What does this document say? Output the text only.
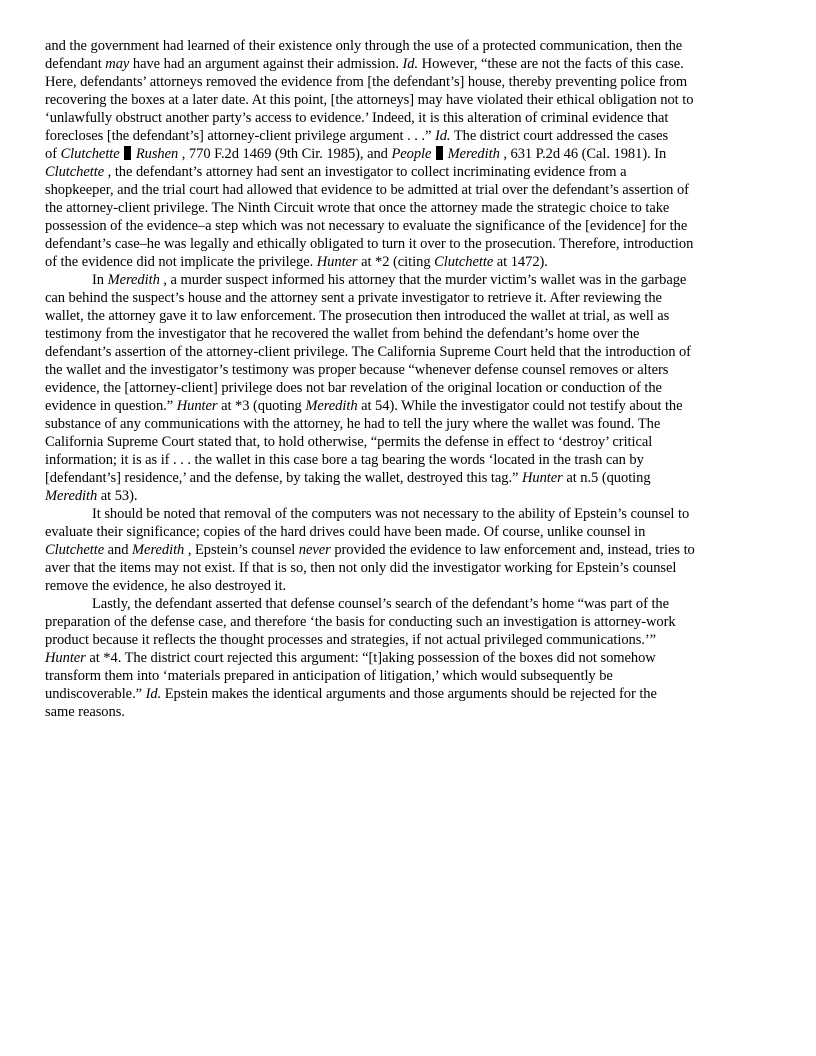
and the government had learned of their existence only through the use of a protected communication, then the
defendant may have had an argument against their admission. Id. However, “these are not the facts of this case.
Here, defendants’ attorneys removed the evidence from [the defendant’s] house, thereby preventing police from
recovering the boxes at a later date. At this point, [the attorneys] may have violated their ethical obligation not to
‘unlawfully obstruct another party’s access to evidence.’ Indeed, it is this alteration of criminal evidence that
forecloses [the defendant’s] attorney-client privilege argument . . .” Id. The district court addressed the cases
of Clutchette Rushen , 770 F.2d 1469 (9th Cir. 1985), and People Meredith , 631 P.2d 46 (Cal. 1981). In
Clutchette , the defendant’s attorney had sent an investigator to collect incriminating evidence from a
shopkeeper, and the trial court had allowed that evidence to be admitted at trial over the defendant’s assertion of
the attorney-client privilege. The Ninth Circuit wrote that once the attorney made the strategic choice to take
possession of the evidence–a step which was not necessary to evaluate the significance of the [evidence] for the
defendant’s case–he was legally and ethically obligated to turn it over to the prosecution. Therefore, introduction
of the evidence did not implicate the privilege. Hunter at *2 (citing Clutchette at 1472).
In Meredith , a murder suspect informed his attorney that the murder victim’s wallet was in the garbage
can behind the suspect’s house and the attorney sent a private investigator to retrieve it. After reviewing the
wallet, the attorney gave it to law enforcement. The prosecution then introduced the wallet at trial, as well as
testimony from the investigator that he recovered the wallet from behind the defendant’s home over the
defendant’s assertion of the attorney-client privilege. The California Supreme Court held that the introduction of
the wallet and the investigator’s testimony was proper because “whenever defense counsel removes or alters
evidence, the [attorney-client] privilege does not bar revelation of the original location or conduction of the
evidence in question.” Hunter at *3 (quoting Meredith at 54). While the investigator could not testify about the
substance of any communications with the attorney, he had to tell the jury where the wallet was found. The
California Supreme Court stated that, to hold otherwise, “permits the defense in effect to ‘destroy’ critical
information; it is as if . . . the wallet in this case bore a tag bearing the words ‘located in the trash can by
[defendant’s] residence,’ and the defense, by taking the wallet, destroyed this tag.” Hunter at n.5 (quoting
Meredith at 53).
It should be noted that removal of the computers was not necessary to the ability of Epstein’s counsel to
evaluate their significance; copies of the hard drives could have been made. Of course, unlike counsel in
Clutchette and Meredith , Epstein’s counsel never provided the evidence to law enforcement and, instead, tries to
aver that the items may not exist. If that is so, then not only did the investigator working for Epstein’s counsel
remove the evidence, he also destroyed it.
Lastly, the defendant asserted that defense counsel’s search of the defendant’s home “was part of the
preparation of the defense case, and therefore ‘the basis for conducting such an investigation is attorney-work
product because it reflects the thought processes and strategies, if not actual privileged communications.’”
Hunter at *4. The district court rejected this argument: “[t]aking possession of the boxes did not somehow
transform them into ‘materials prepared in anticipation of litigation,’ which would subsequently be
undiscoverable.” Id. Epstein makes the identical arguments and those arguments should be rejected for the
same reasons.
